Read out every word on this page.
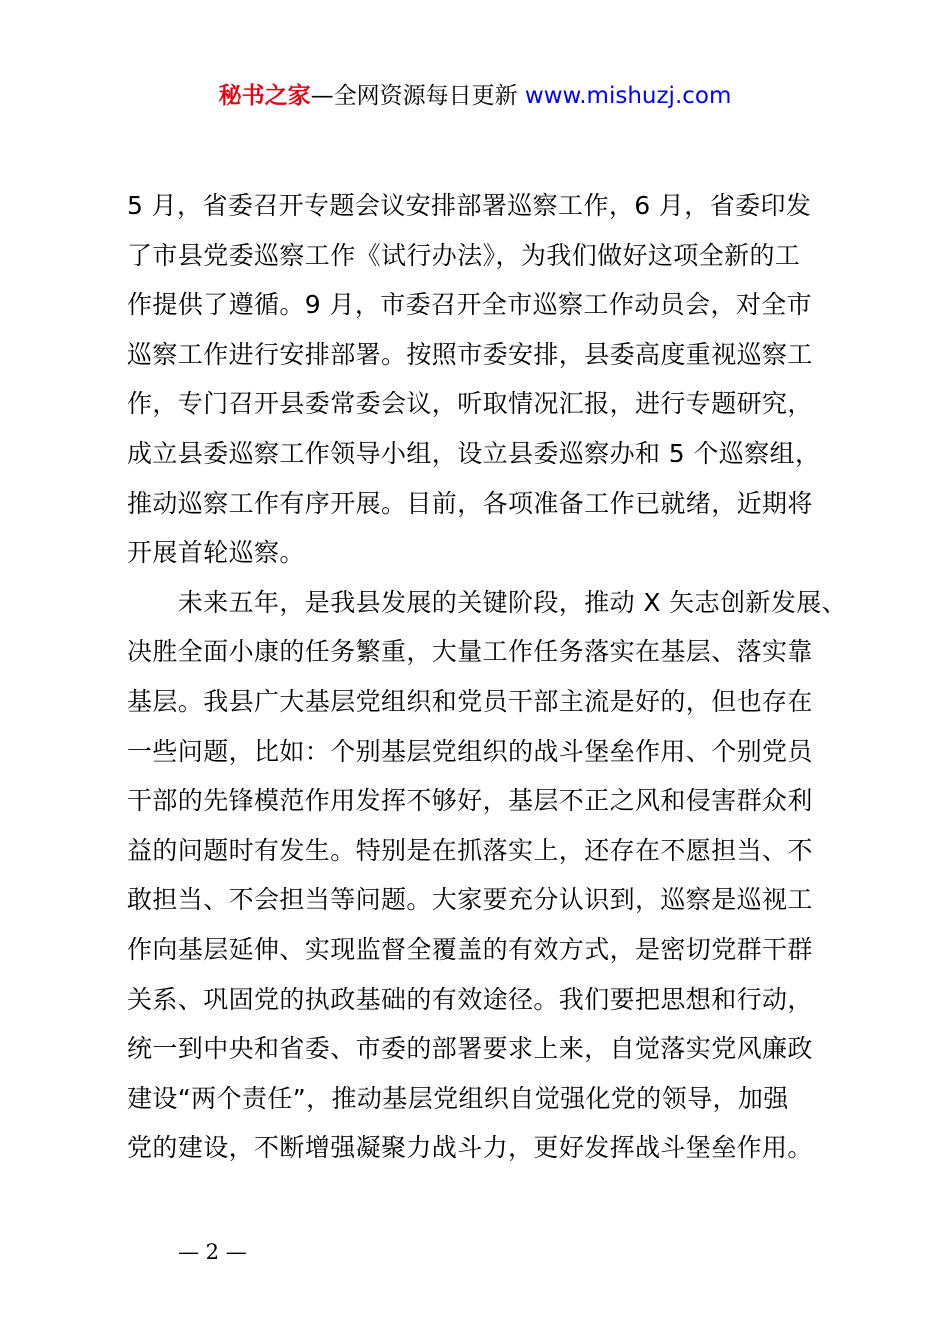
秘书之家—全网资源每日更新 www.mishuzj.com

5 月，省委召开专题会议安排部署巡察工作，6 月，省委印发
了市县党委巡察工作《试行办法》，为我们做好这项全新的工
作提供了遵循。9 月，市委召开全市巡察工作动员会，对全市
巡察工作进行安排部署。按照市委安排，县委高度重视巡察工
作，专门召开县委常委会议，听取情况汇报，进行专题研究，
成立县委巡察工作领导小组，设立县委巡察办和 5 个巡察组，
推动巡察工作有序开展。目前，各项准备工作已就绪，近期将
开展首轮巡察。

　　未来五年，是我县发展的关键阶段，推动 X 矢志创新发展、
决胜全面小康的任务繁重，大量工作任务落实在基层、落实靠
基层。我县广大基层党组织和党员干部主流是好的，但也存在
一些问题，比如：个别基层党组织的战斗堡垒作用、个别党员
干部的先锋模范作用发挥不够好，基层不正之风和侵害群众利
益的问题时有发生。特别是在抓落实上，还存在不愿担当、不
敢担当、不会担当等问题。大家要充分认识到，巡察是巡视工
作向基层延伸、实现监督全覆盖的有效方式，是密切党群干群
关系、巩固党的执政基础的有效途径。我们要把思想和行动，
统一到中央和省委、市委的部署要求上来，自觉落实党风廉政
建设“两个责任”，推动基层党组织自觉强化党的领导，加强
党的建设，不断增强凝聚力战斗力，更好发挥战斗堡垒作用。

— 2 —
